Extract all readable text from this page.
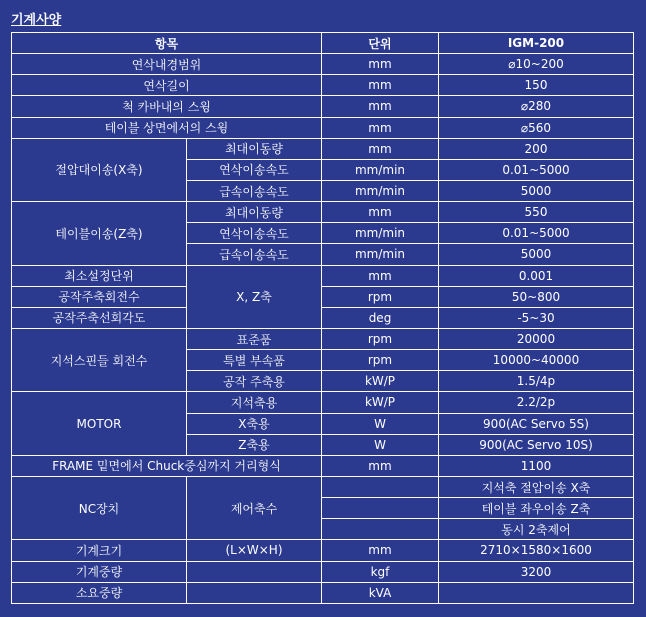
기계사양
항목		단위	IGM-200
연삭내경범위		mm	⌀10~200
연삭길이		mm	150
척 카바내의 스윙		mm	⌀280
테이블 상면에서의 스윙		mm	⌀560
절압대이송(X축)	최대이동량	mm	200
	연삭이송속도	mm/min	0.01~5000
	급속이송속도	mm/min	5000
테이블이송(Z축)	최대이동량	mm	550
	연삭이송속도	mm/min	0.01~5000
	급속이송속도	mm/min	5000
최소설정단위	X, Z축	mm	0.001
공작주축회전수		rpm	50~800
공작주축선회각도		deg	-5~30
지석스핀들 회전수	표준품	rpm	20000
	특별 부속품	rpm	10000~40000
	공작 주축용	kW/P	1.5/4p
MOTOR	지석축용	kW/P	2.2/2p
	X축용	W	900(AC Servo 5S)
	Z축용	W	900(AC Servo 10S)
FRAME 밑면에서 Chuck중심까지 거리형식		mm	1100
NC장치	제어축수		지석축 절압이송 X축
			테이블 좌우이송 Z축
			동시 2축제어
기계크기	(L×W×H)	mm	2710×1580×1600
기계중량		kgf	3200
소요중량		kVA	
